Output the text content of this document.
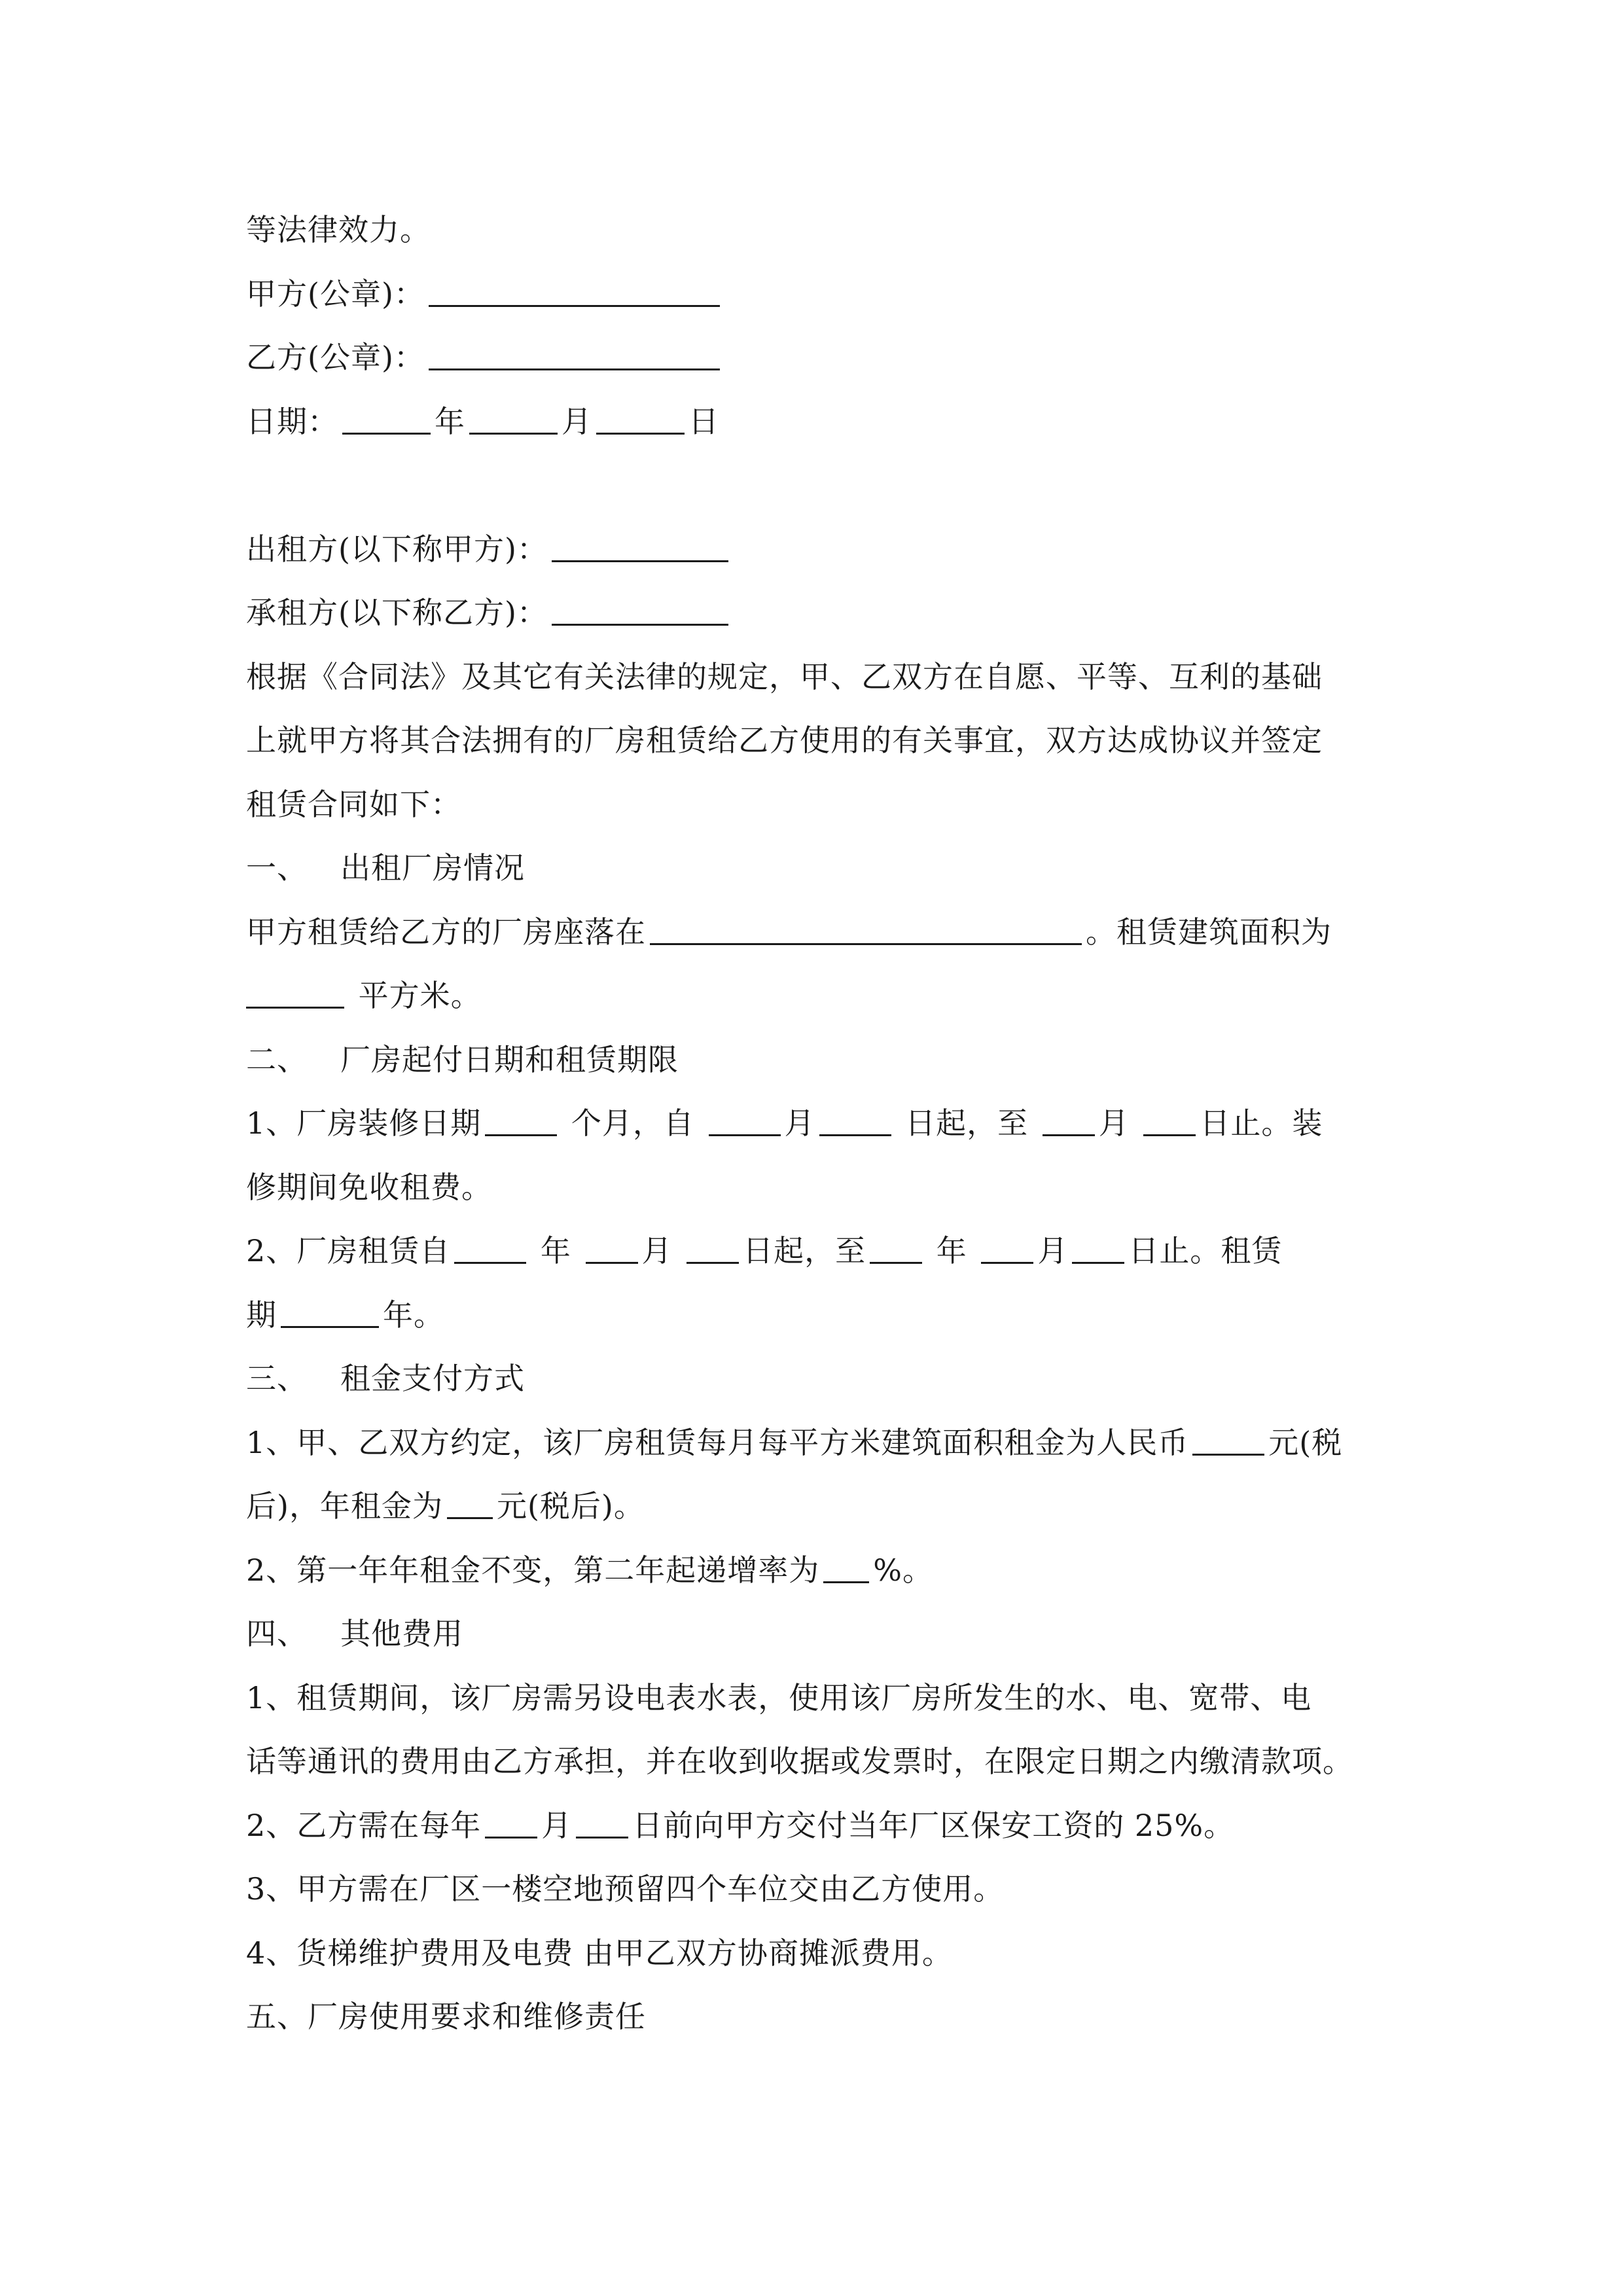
等法律效力。
甲方(公章)：
乙方(公章)：
日期：	年	月	日
出租方(以下称甲方)：
承租方(以下称乙方)：
根据《合同法》及其它有关法律的规定，甲、乙双方在自愿、平等、互利的基础
上就甲方将其合法拥有的厂房租赁给乙方使用的有关事宜，双方达成协议并签定
租赁合同如下：
一、 出租厂房情况
甲方租赁给乙方的厂房座落在	。租赁建筑面积为
平方米。
二、 厂房起付日期和租赁期限
1、厂房装修日期	个月，自	月	日起，至 月 日止。装
修期间免收租费。
2、厂房租赁自	年 月 日起，至 年 月 日止。租赁
期	年。
三、 租金支付方式
1、甲、乙双方约定，该厂房租赁每月每平方米建筑面积租金为人民币	元(税
后)，年租金为 元(税后)。
2、第一年年租金不变，第二年起递增率为 %。
四、 其他费用
1、租赁期间，该厂房需另设电表水表，使用该厂房所发生的水、电、宽带、电
话等通讯的费用由乙方承担，并在收到收据或发票时，在限定日期之内缴清款项。
2、乙方需在每年 月 日前向甲方交付当年厂区保安工资的 25%。
3、甲方需在厂区一楼空地预留四个车位交由乙方使用。
4、货梯维护费用及电费 由甲乙双方协商摊派费用。
五、厂房使用要求和维修责任
